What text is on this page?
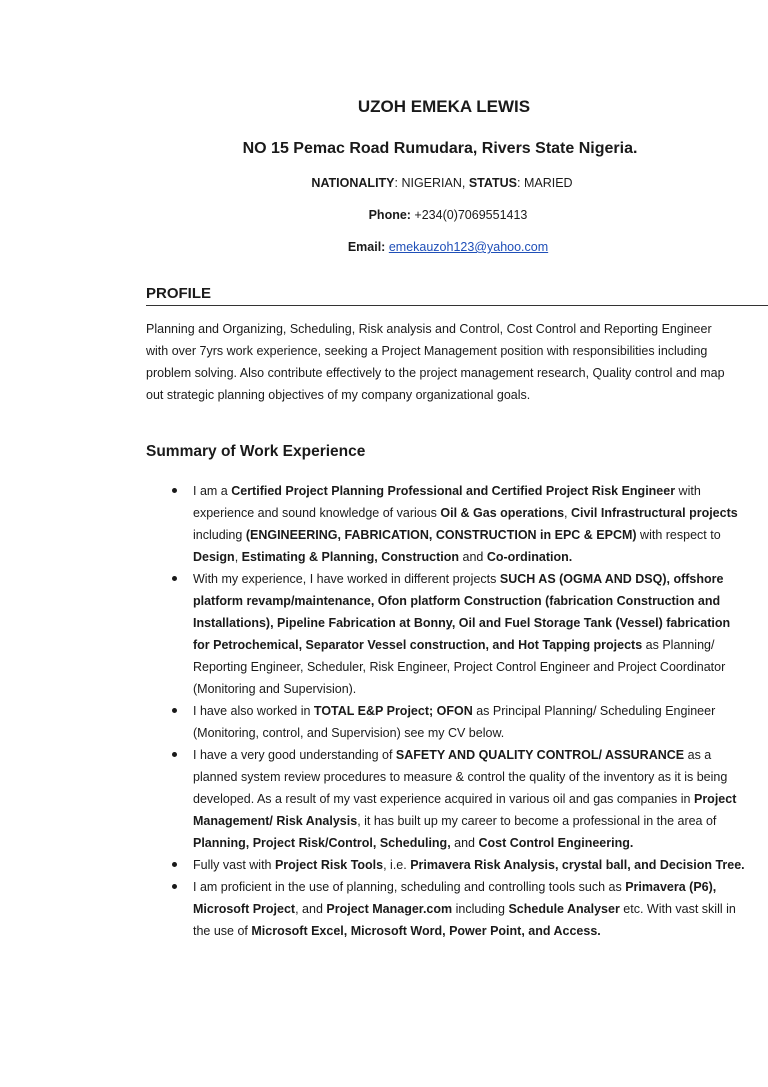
UZOH EMEKA LEWIS
NO 15 Pemac Road Rumudara, Rivers State Nigeria.
NATIONALITY: NIGERIAN, STATUS: MARIED
Phone: +234(0)7069551413
Email: emekauzoh123@yahoo.com
PROFILE

Planning and Organizing, Scheduling, Risk analysis and Control, Cost Control and Reporting Engineer with over 7yrs work experience, seeking a Project Management position with responsibilities including problem solving. Also contribute effectively to the project management research, Quality control and map out strategic planning objectives of my company organizational goals.

Summary of Work Experience
I am a Certified Project Planning Professional and Certified Project Risk Engineer with experience and sound knowledge of various Oil & Gas operations, Civil Infrastructural projects including (ENGINEERING, FABRICATION, CONSTRUCTION in EPC & EPCM) with respect to Design, Estimating & Planning, Construction and Co-ordination.
With my experience, I have worked in different projects SUCH AS (OGMA AND DSQ), offshore platform revamp/maintenance, Ofon platform Construction (fabrication Construction and Installations), Pipeline Fabrication at Bonny, Oil and Fuel Storage Tank (Vessel) fabrication for Petrochemical, Separator Vessel construction, and Hot Tapping projects as Planning/ Reporting Engineer, Scheduler, Risk Engineer, Project Control Engineer and Project Coordinator (Monitoring and Supervision).
I have also worked in TOTAL E&P Project; OFON as Principal Planning/ Scheduling Engineer (Monitoring, control, and Supervision) see my CV below.
I have a very good understanding of SAFETY AND QUALITY CONTROL/ ASSURANCE as a planned system review procedures to measure & control the quality of the inventory as it is being developed. As a result of my vast experience acquired in various oil and gas companies in Project Management/ Risk Analysis, it has built up my career to become a professional in the area of Planning, Project Risk/Control, Scheduling, and Cost Control Engineering.
Fully vast with Project Risk Tools, i.e. Primavera Risk Analysis, crystal ball, and Decision Tree.
I am proficient in the use of planning, scheduling and controlling tools such as Primavera (P6), Microsoft Project, and Project Manager.com including Schedule Analyser etc. With vast skill in the use of Microsoft Excel, Microsoft Word, Power Point, and Access.
